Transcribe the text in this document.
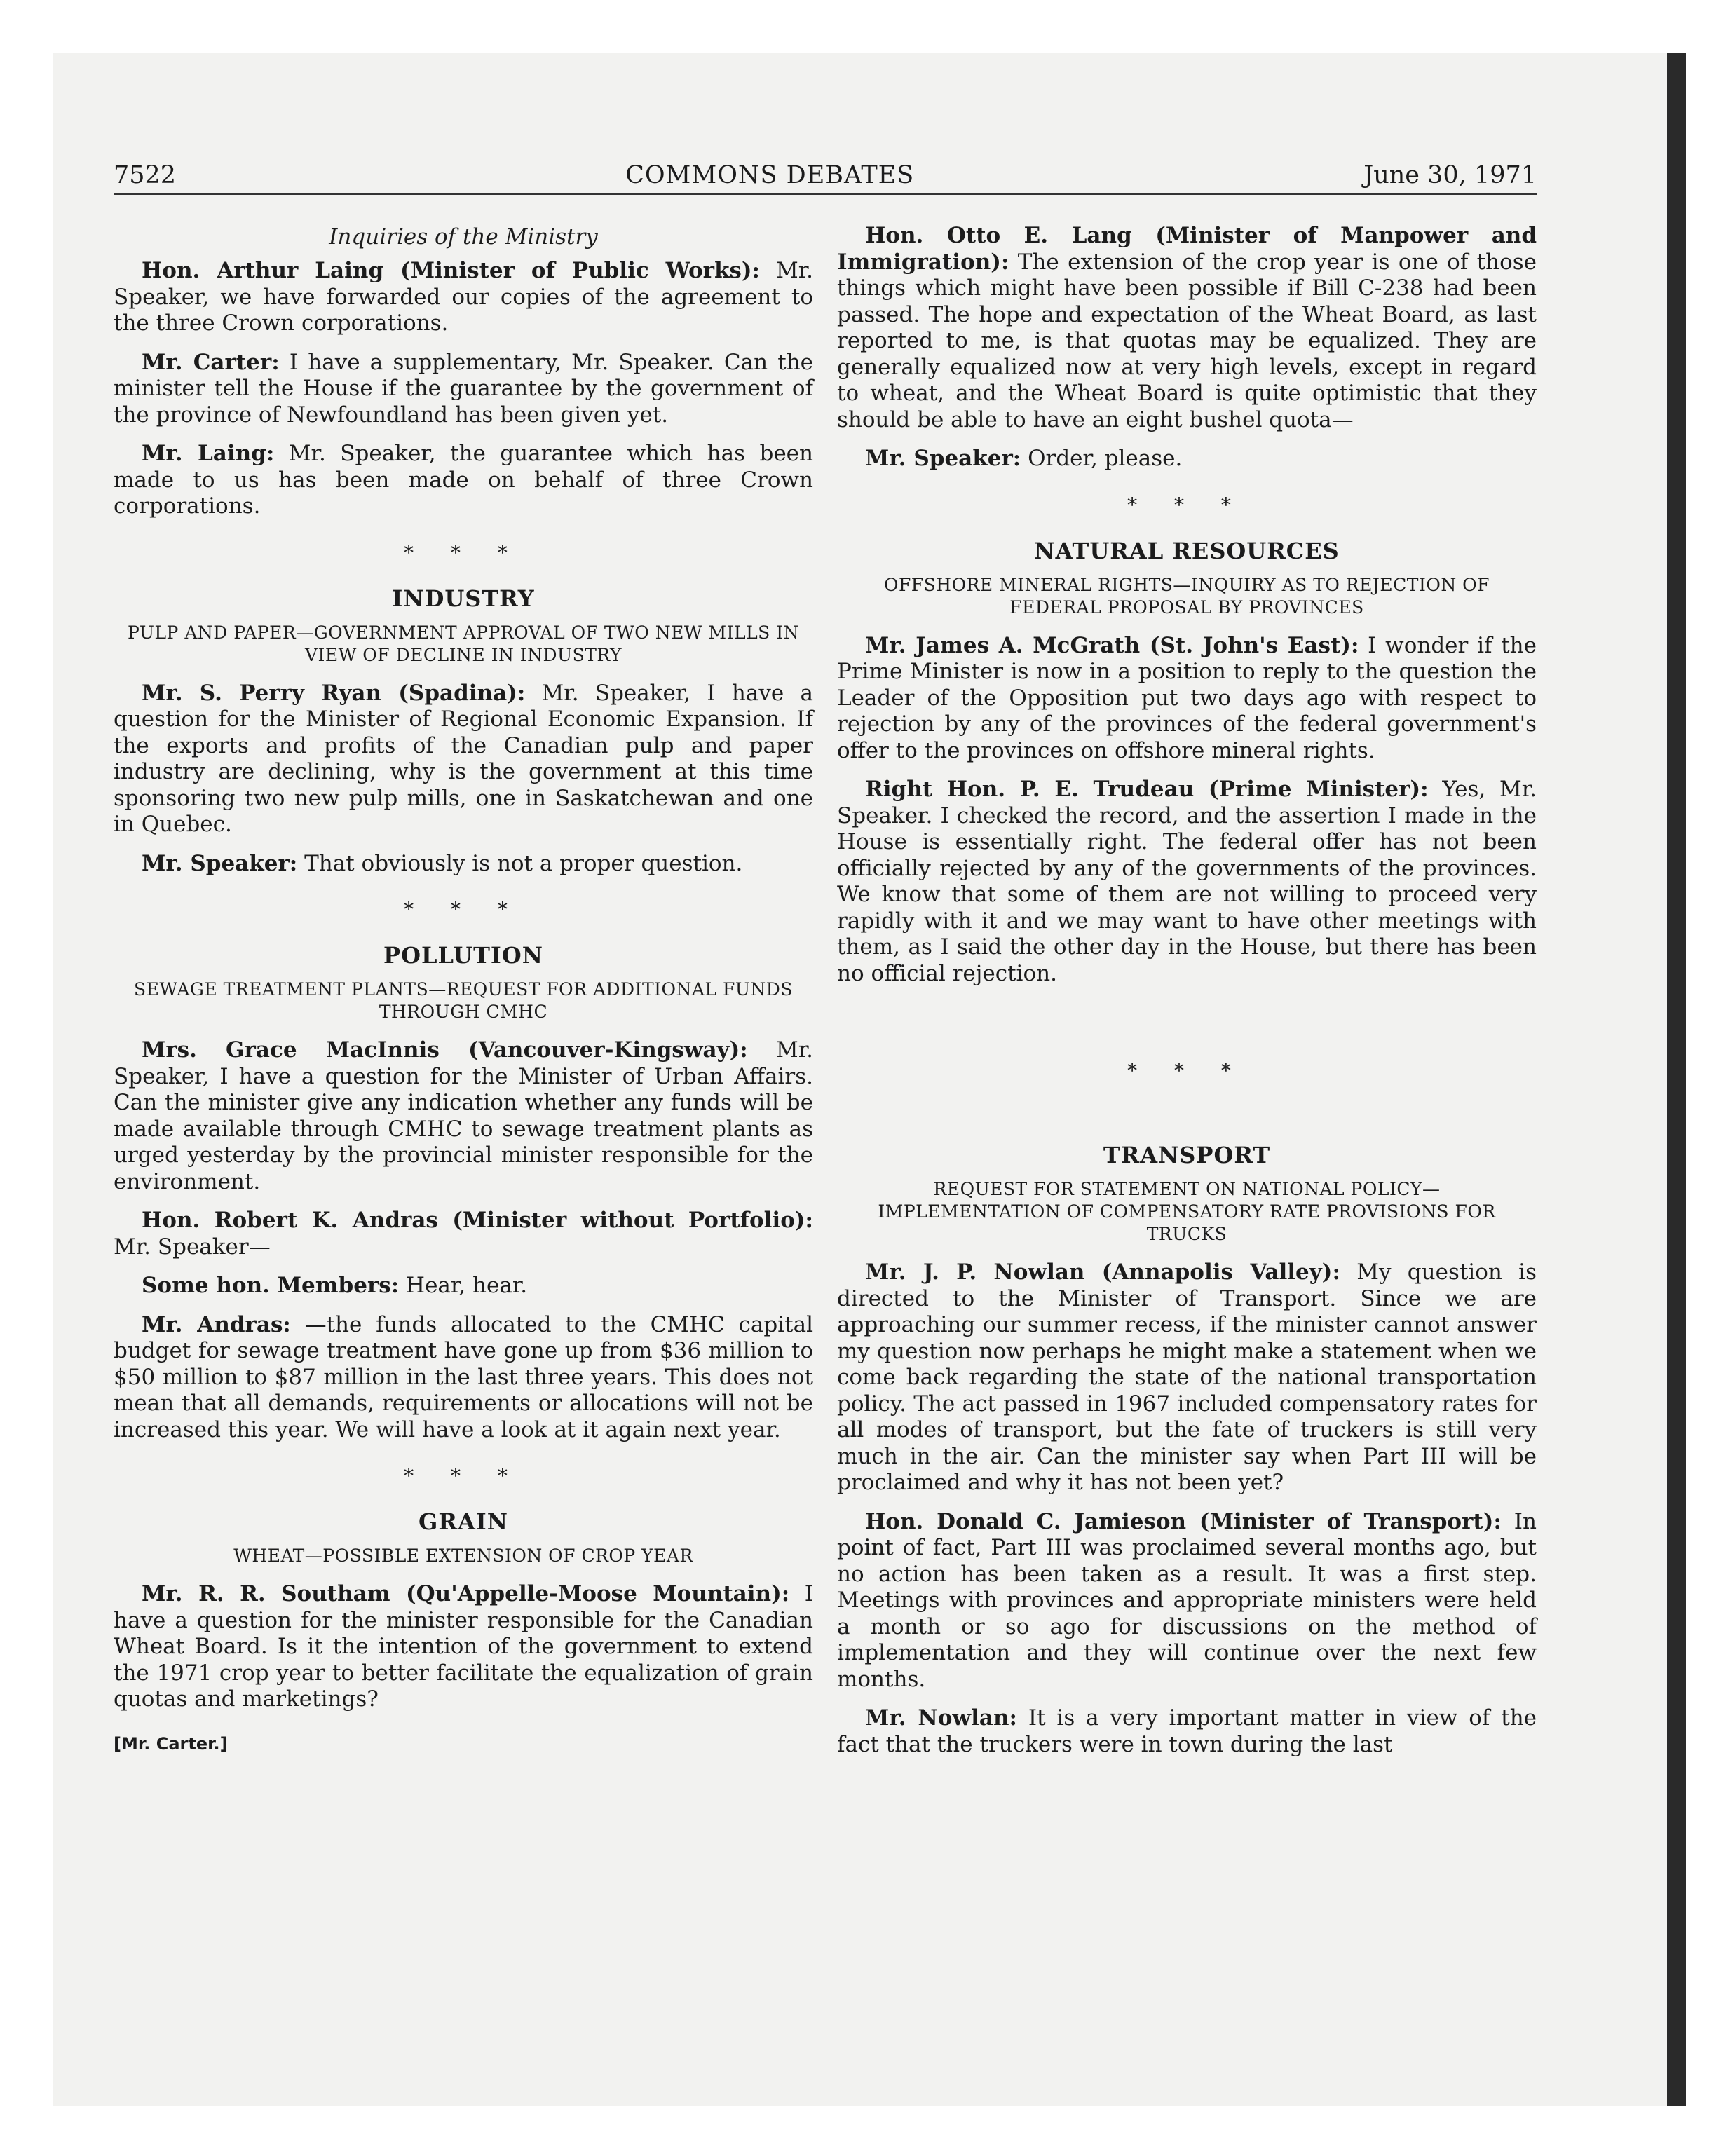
7522	COMMONS DEBATES	June 30, 1971
Inquiries of the Ministry

Hon. Arthur Laing (Minister of Public Works): Mr. Speaker, we have forwarded our copies of the agreement to the three Crown corporations.

Mr. Carter: I have a supplementary, Mr. Speaker. Can the minister tell the House if the guarantee by the government of the province of Newfoundland has been given yet.

Mr. Laing: Mr. Speaker, the guarantee which has been made to us has been made on behalf of three Crown corporations.

* * *
INDUSTRY
PULP AND PAPER—GOVERNMENT APPROVAL OF TWO NEW MILLS IN VIEW OF DECLINE IN INDUSTRY

Mr. S. Perry Ryan (Spadina): Mr. Speaker, I have a question for the Minister of Regional Economic Expansion. If the exports and profits of the Canadian pulp and paper industry are declining, why is the government at this time sponsoring two new pulp mills, one in Saskatchewan and one in Quebec.

Mr. Speaker: That obviously is not a proper question.

* * *
POLLUTION
SEWAGE TREATMENT PLANTS—REQUEST FOR ADDITIONAL FUNDS THROUGH CMHC

Mrs. Grace MacInnis (Vancouver-Kingsway): Mr. Speaker, I have a question for the Minister of Urban Affairs. Can the minister give any indication whether any funds will be made available through CMHC to sewage treatment plants as urged yesterday by the provincial minister responsible for the environment.

Hon. Robert K. Andras (Minister without Portfolio): Mr. Speaker—

Some hon. Members: Hear, hear.

Mr. Andras: —the funds allocated to the CMHC capital budget for sewage treatment have gone up from $36 million to $50 million to $87 million in the last three years. This does not mean that all demands, requirements or allocations will not be increased this year. We will have a look at it again next year.

* * *
GRAIN
WHEAT—POSSIBLE EXTENSION OF CROP YEAR

Mr. R. R. Southam (Qu'Appelle-Moose Mountain): I have a question for the minister responsible for the Canadian Wheat Board. Is it the intention of the government to extend the 1971 crop year to better facilitate the equalization of grain quotas and marketings?

[Mr. Carter.]

Hon. Otto E. Lang (Minister of Manpower and Immigration): The extension of the crop year is one of those things which might have been possible if Bill C-238 had been passed. The hope and expectation of the Wheat Board, as last reported to me, is that quotas may be equalized. They are generally equalized now at very high levels, except in regard to wheat, and the Wheat Board is quite optimistic that they should be able to have an eight bushel quota—

Mr. Speaker: Order, please.

* * *
NATURAL RESOURCES
OFFSHORE MINERAL RIGHTS—INQUIRY AS TO REJECTION OF FEDERAL PROPOSAL BY PROVINCES

Mr. James A. McGrath (St. John's East): I wonder if the Prime Minister is now in a position to reply to the question the Leader of the Opposition put two days ago with respect to rejection by any of the provinces of the federal government's offer to the provinces on offshore mineral rights.

Right Hon. P. E. Trudeau (Prime Minister): Yes, Mr. Speaker. I checked the record, and the assertion I made in the House is essentially right. The federal offer has not been officially rejected by any of the governments of the provinces. We know that some of them are not willing to proceed very rapidly with it and we may want to have other meetings with them, as I said the other day in the House, but there has been no official rejection.

* * *
TRANSPORT
REQUEST FOR STATEMENT ON NATIONAL POLICY—IMPLEMENTATION OF COMPENSATORY RATE PROVISIONS FOR TRUCKS

Mr. J. P. Nowlan (Annapolis Valley): My question is directed to the Minister of Transport. Since we are approaching our summer recess, if the minister cannot answer my question now perhaps he might make a statement when we come back regarding the state of the national transportation policy. The act passed in 1967 included compensatory rates for all modes of transport, but the fate of truckers is still very much in the air. Can the minister say when Part III will be proclaimed and why it has not been yet?

Hon. Donald C. Jamieson (Minister of Transport): In point of fact, Part III was proclaimed several months ago, but no action has been taken as a result. It was a first step. Meetings with provinces and appropriate ministers were held a month or so ago for discussions on the method of implementation and they will continue over the next few months.

Mr. Nowlan: It is a very important matter in view of the fact that the truckers were in town during the last
